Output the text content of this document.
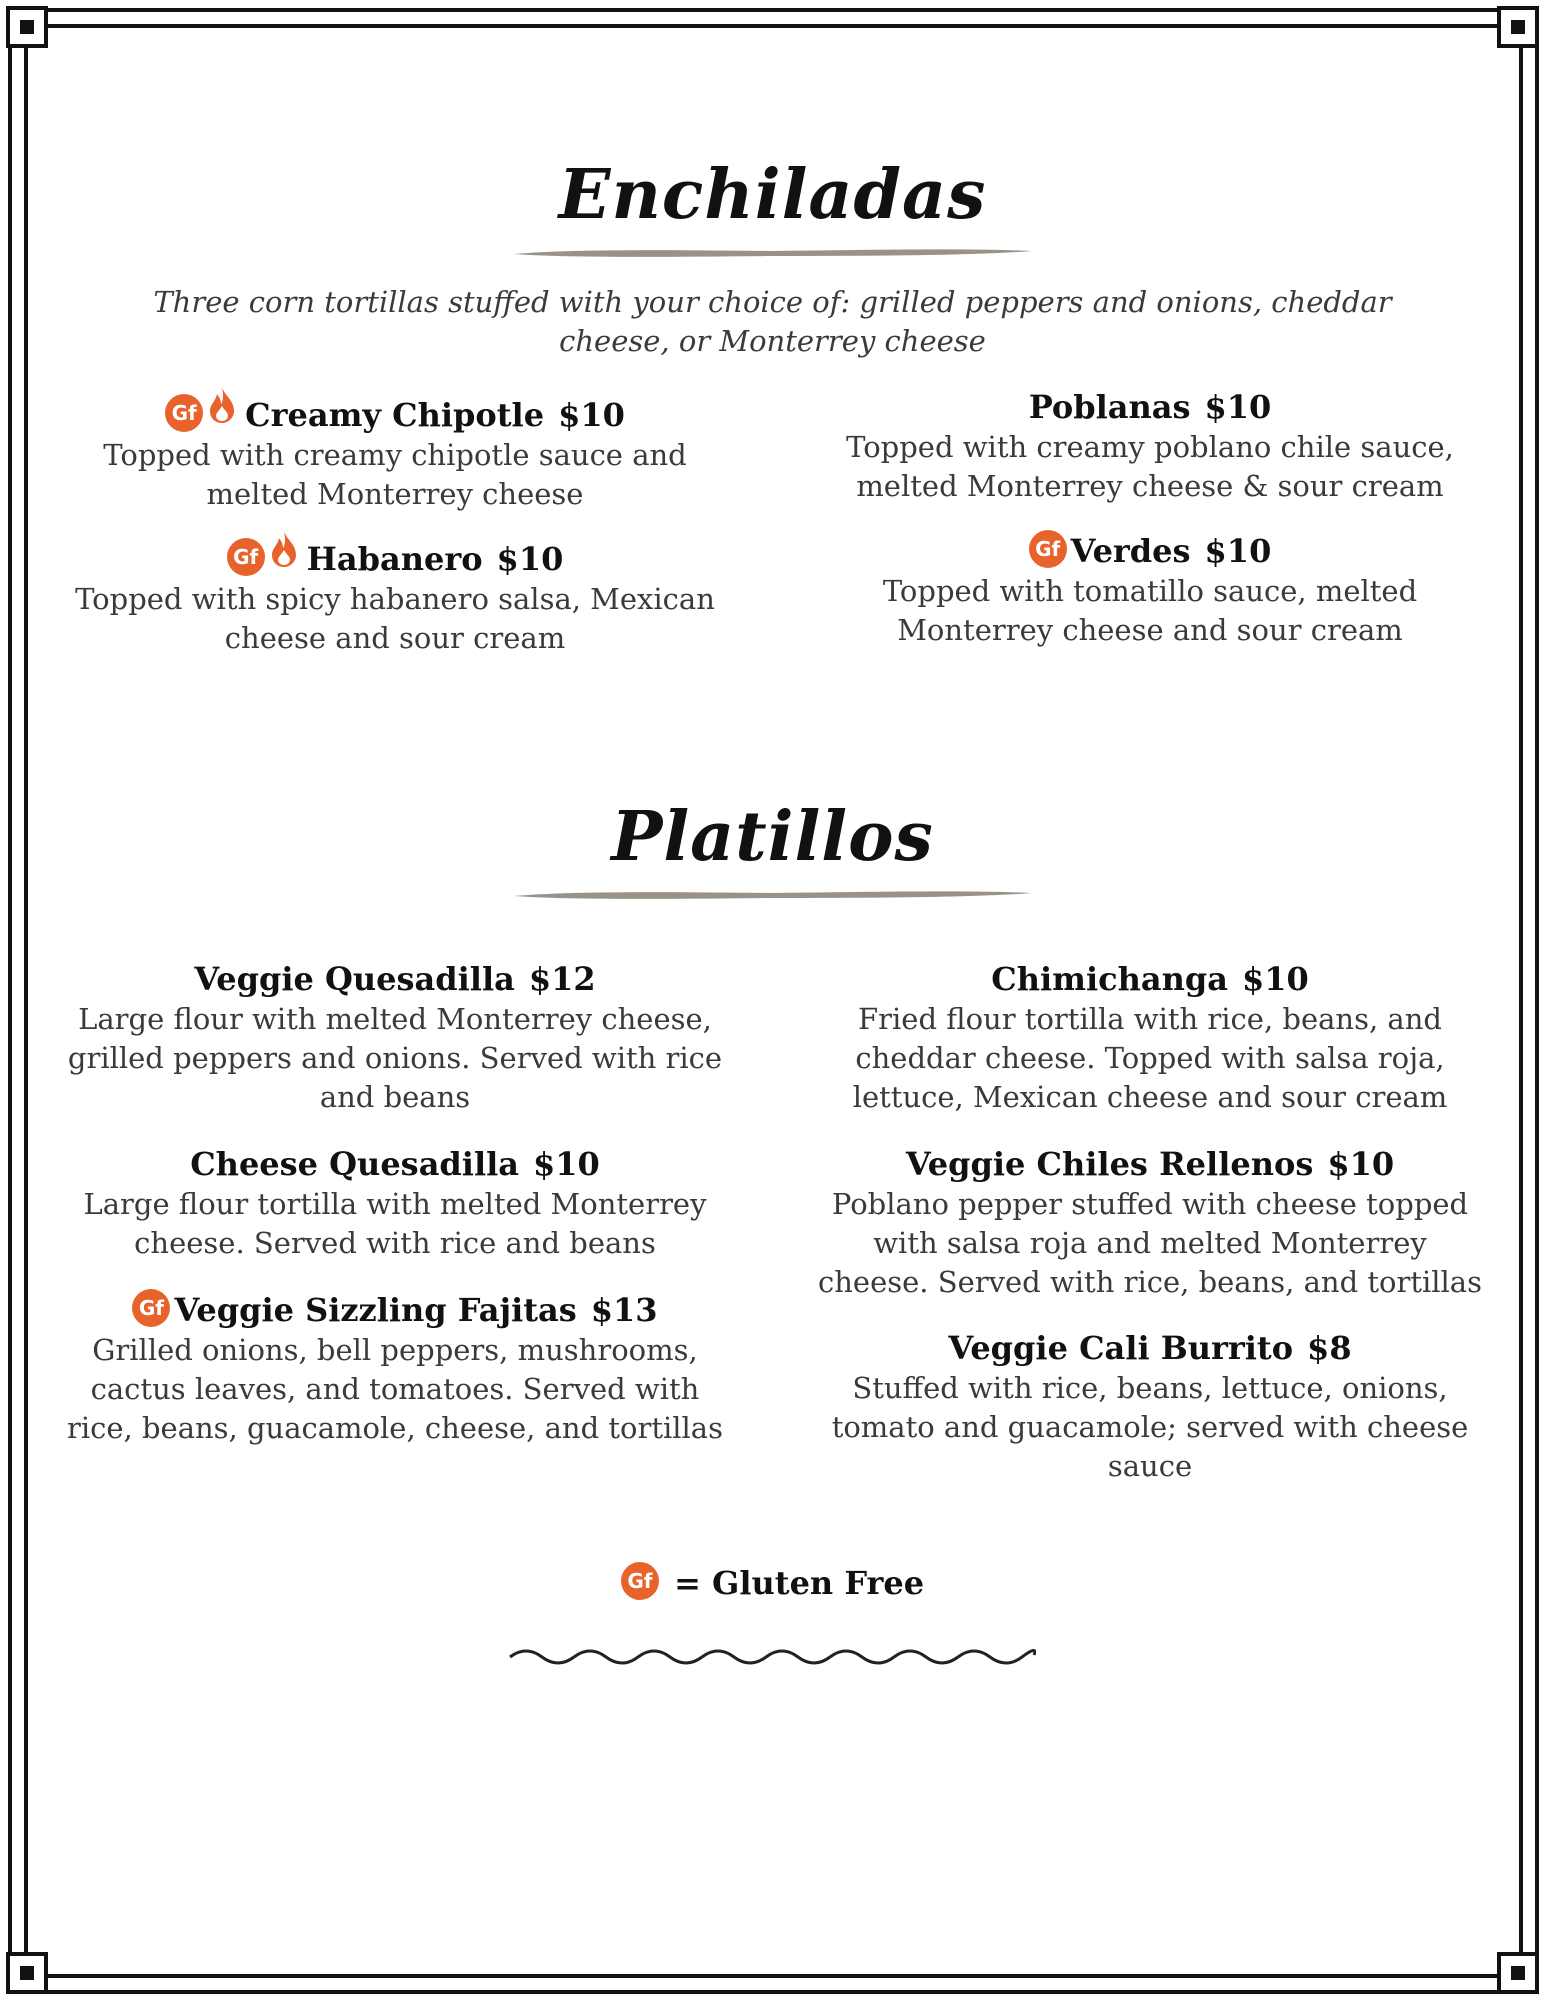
Enchiladas
Three corn tortillas stuffed with your choice of: grilled peppers and onions, cheddar cheese, or Monterrey cheese
Gf Creamy Chipotle $10
Topped with creamy chipotle sauce and melted Monterrey cheese
Poblanas $10
Topped with creamy poblano chile sauce, melted Monterrey cheese & sour cream
Gf Habanero $10
Topped with spicy habanero salsa, Mexican cheese and sour cream
Gf Verdes $10
Topped with tomatillo sauce, melted Monterrey cheese and sour cream
Platillos
Veggie Quesadilla $12
Large flour with melted Monterrey cheese, grilled peppers and onions. Served with rice and beans
Chimichanga $10
Fried flour tortilla with rice, beans, and cheddar cheese. Topped with salsa roja, lettuce, Mexican cheese and sour cream
Cheese Quesadilla $10
Large flour tortilla with melted Monterrey cheese. Served with rice and beans
Veggie Chiles Rellenos $10
Poblano pepper stuffed with cheese topped with salsa roja and melted Monterrey cheese. Served with rice, beans, and tortillas
Gf Veggie Sizzling Fajitas $13
Grilled onions, bell peppers, mushrooms, cactus leaves, and tomatoes. Served with rice, beans, guacamole, cheese, and tortillas
Veggie Cali Burrito $8
Stuffed with rice, beans, lettuce, onions, tomato and guacamole; served with cheese sauce
Gf = Gluten Free
